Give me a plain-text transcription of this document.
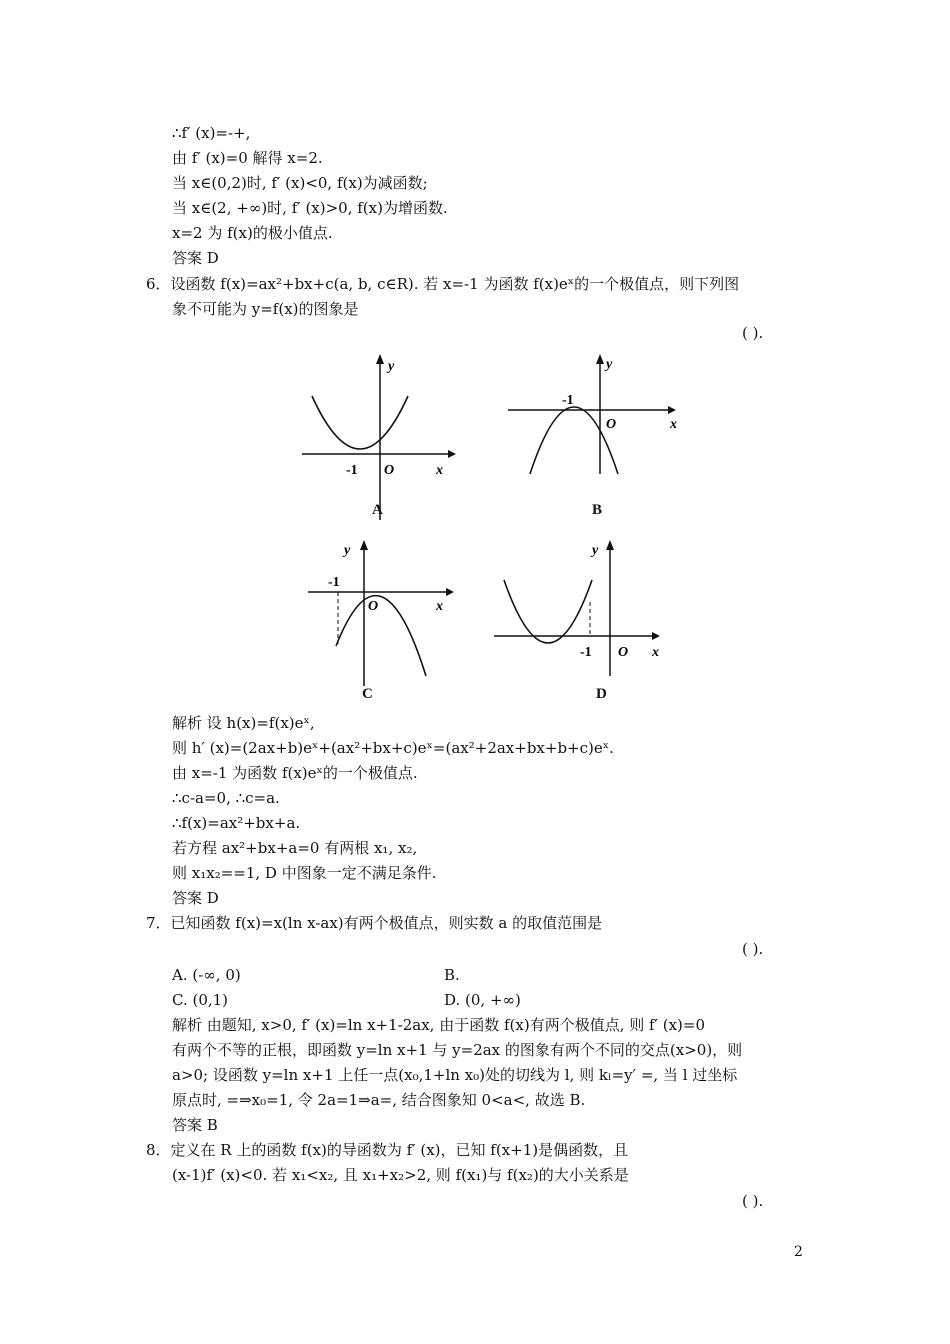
∴f′ (x)=-+,
由 f′ (x)=0 解得 x=2.
当 x∈(0,2)时, f′ (x)<0, f(x)为减函数;
当 x∈(2, +∞)时, f′ (x)>0, f(x)为增函数.
x=2 为 f(x)的极小值点.
答案 D
6．设函数 f(x)=ax²+bx+c(a, b, c∈R). 若 x=-1 为函数 f(x)eˣ的一个极值点，则下列图
象不可能为 y=f(x)的图象是
( ).
y
x
-1 O
A
y
x
-1
O
B
y
x
-1
O
C
y
x
-1 O
D
解析 设 h(x)=f(x)eˣ,
则 h′ (x)=(2ax+b)eˣ+(ax²+bx+c)eˣ=(ax²+2ax+bx+b+c)eˣ.
由 x=-1 为函数 f(x)eˣ的一个极值点.
∴c-a=0, ∴c=a.
∴f(x)=ax²+bx+a.
若方程 ax²+bx+a=0 有两根 x₁, x₂,
则 x₁x₂==1, D 中图象一定不满足条件.
答案 D
7．已知函数 f(x)=x(ln x-ax)有两个极值点，则实数 a 的取值范围是
( ).
A. (-∞, 0)	B.
C. (0,1)	D. (0, +∞)
解析 由题知, x>0, f′ (x)=ln x+1-2ax, 由于函数 f(x)有两个极值点, 则 f′ (x)=0
有两个不等的正根，即函数 y=ln x+1 与 y=2ax 的图象有两个不同的交点(x>0)，则
a>0; 设函数 y=ln x+1 上任一点(x₀,1+ln x₀)处的切线为 l, 则 kₗ=y′ =, 当 l 过坐标
原点时, =⇒x₀=1, 令 2a=1⇒a=, 结合图象知 0<a<, 故选 B.
答案 B
8．定义在 R 上的函数 f(x)的导函数为 f′ (x)，已知 f(x+1)是偶函数，且
(x-1)f′ (x)<0. 若 x₁<x₂, 且 x₁+x₂>2, 则 f(x₁)与 f(x₂)的大小关系是
( ).
2
